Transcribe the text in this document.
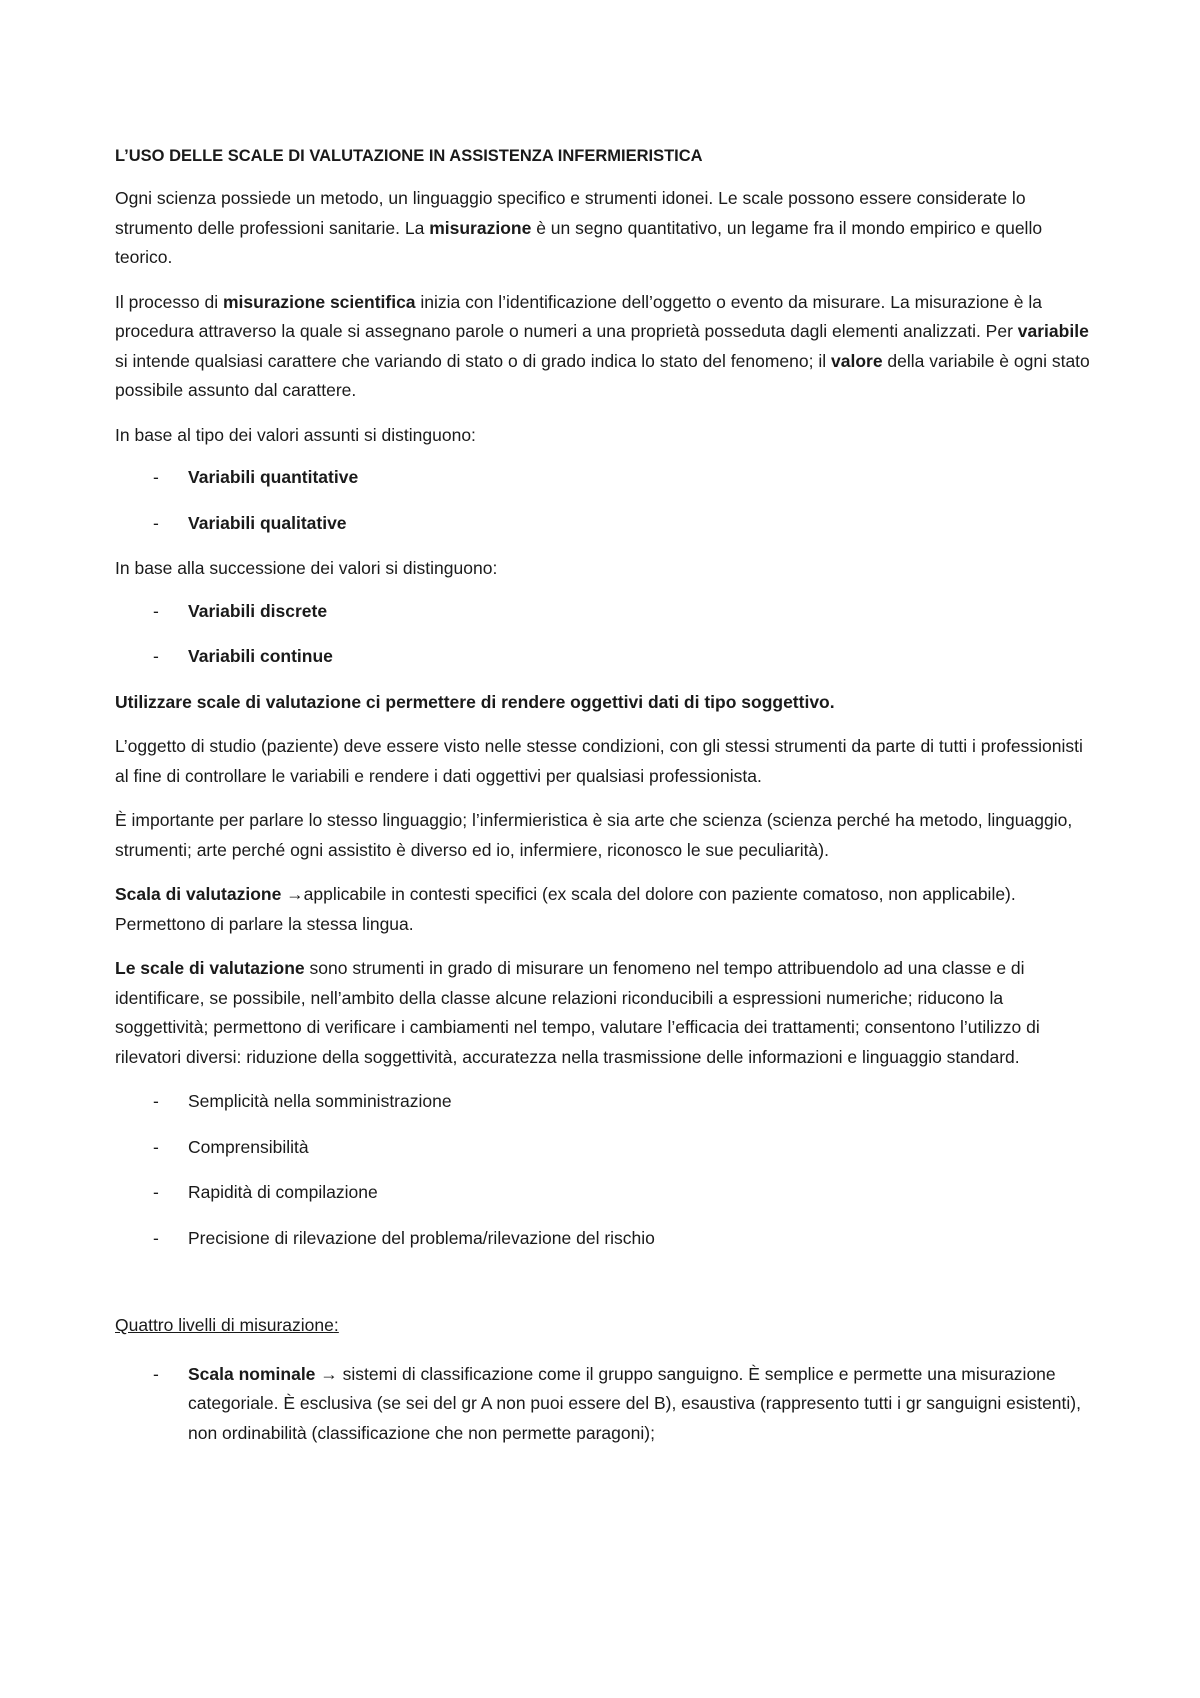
L’USO DELLE SCALE DI VALUTAZIONE IN ASSISTENZA INFERMIERISTICA

Ogni scienza possiede un metodo, un linguaggio specifico e strumenti idonei. Le scale possono essere considerate lo strumento delle professioni sanitarie. La misurazione è un segno quantitativo, un legame fra il mondo empirico e quello teorico.

Il processo di misurazione scientifica inizia con l’identificazione dell’oggetto o evento da misurare. La misurazione è la procedura attraverso la quale si assegnano parole o numeri a una proprietà posseduta dagli elementi analizzati. Per variabile si intende qualsiasi carattere che variando di stato o di grado indica lo stato del fenomeno; il valore della variabile è ogni stato possibile assunto dal carattere.

In base al tipo dei valori assunti si distinguono:

- Variabili quantitative
- Variabili qualitative

In base alla successione dei valori si distinguono:

- Variabili discrete
- Variabili continue

Utilizzare scale di valutazione ci permettere di rendere oggettivi dati di tipo soggettivo.

L’oggetto di studio (paziente) deve essere visto nelle stesse condizioni, con gli stessi strumenti da parte di tutti i professionisti al fine di controllare le variabili e rendere i dati oggettivi per qualsiasi professionista.

È importante per parlare lo stesso linguaggio; l’infermieristica è sia arte che scienza (scienza perché ha metodo, linguaggio, strumenti; arte perché ogni assistito è diverso ed io, infermiere, riconosco le sue peculiarità).

Scala di valutazione →applicabile in contesti specifici (ex scala del dolore con paziente comatoso, non applicabile). Permettono di parlare la stessa lingua.

Le scale di valutazione sono strumenti in grado di misurare un fenomeno nel tempo attribuendolo ad una classe e di identificare, se possibile, nell’ambito della classe alcune relazioni riconducibili a espressioni numeriche; riducono la soggettività; permettono di verificare i cambiamenti nel tempo, valutare l’efficacia dei trattamenti; consentono l’utilizzo di rilevatori diversi: riduzione della soggettività, accuratezza nella trasmissione delle informazioni e linguaggio standard.

- Semplicità nella somministrazione
- Comprensibilità
- Rapidità di compilazione
- Precisione di rilevazione del problema/rilevazione del rischio

Quattro livelli di misurazione:

- Scala nominale → sistemi di classificazione come il gruppo sanguigno. È semplice e permette una misurazione categoriale. È esclusiva (se sei del gr A non puoi essere del B), esaustiva (rappresento tutti i gr sanguigni esistenti), non ordinabilità (classificazione che non permette paragoni);
